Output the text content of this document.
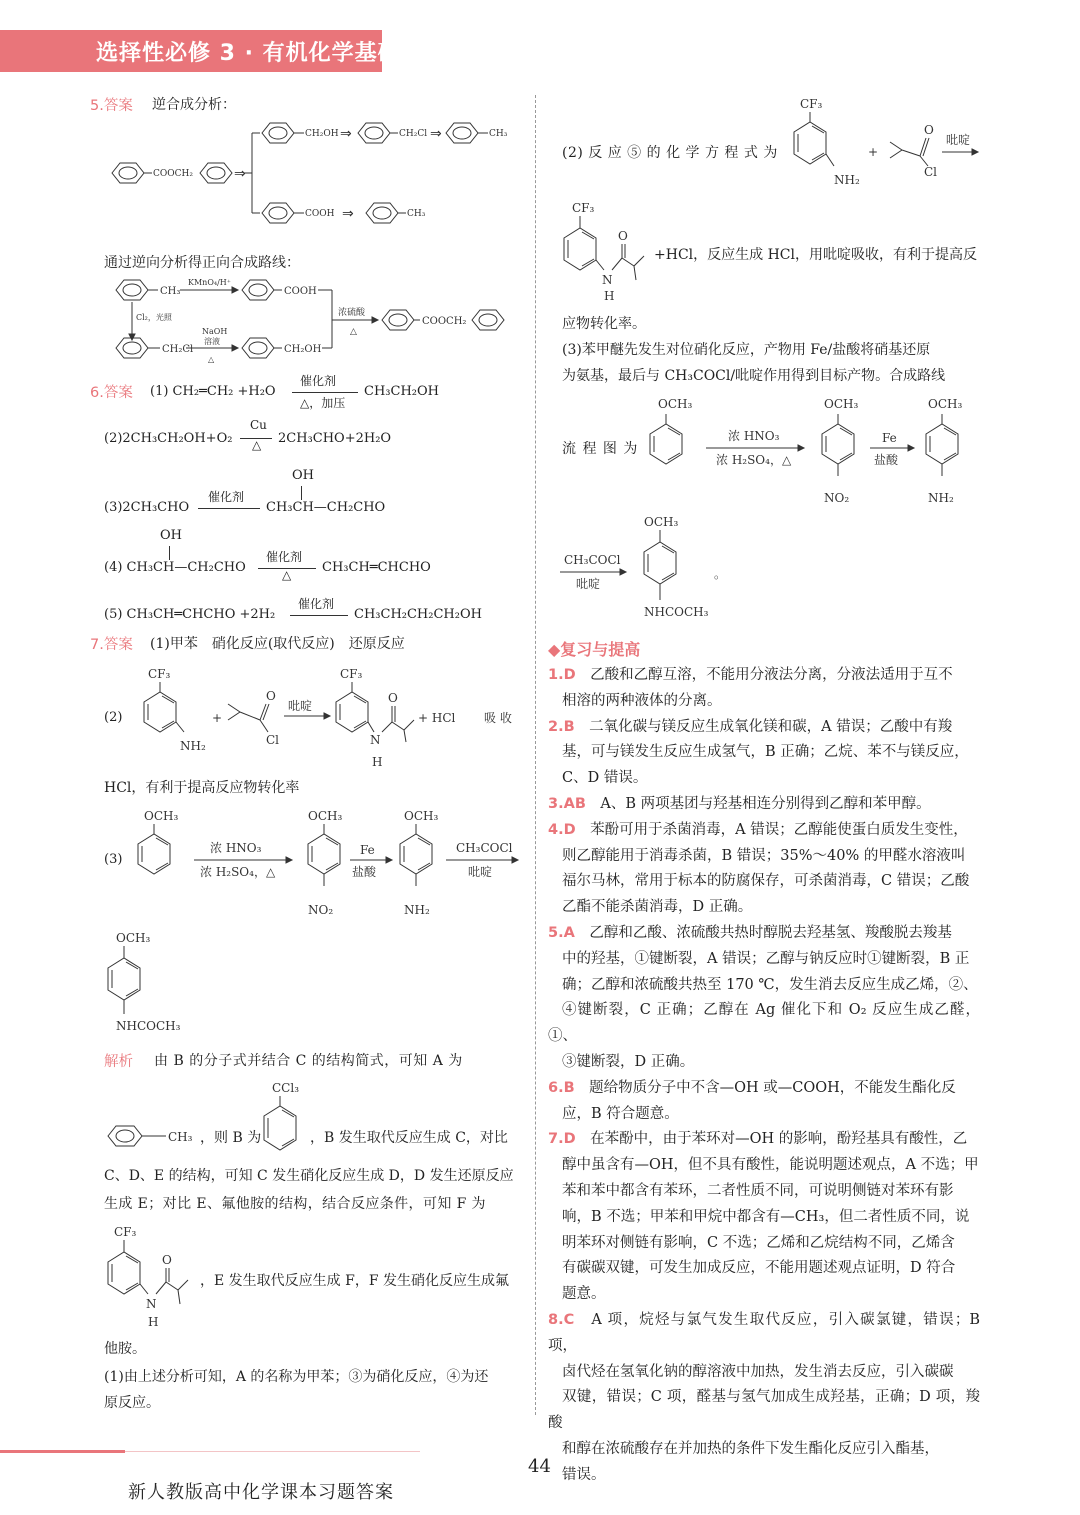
选择性必修 3 · 有机化学基础
5.答案 逆合成分析：
COOCH₂
CH₂OH	CH₂Cl	CH₃
COOH	CH₃
⇒
⇒	⇒
⇒
通过逆向分析得正向合成路线：
CH₃
KMnO₄/H⁺
COOH
Cl₂，光照
CH₂Cl
NaOH
溶液
△
CH₂OH
浓硫酸
△
COOCH₂
6.答案 (1) CH₂═CH₂ +H₂O
催化剂
△，加压
CH₃CH₂OH
(2)2CH₃CH₂OH+O₂
Cu
△ 2CH₃CHO+2H₂O
OH
(3)2CH₃CHO
催化剂
CH₃CH—CH₂CHO
OH
(4) CH₃CH—CH₂CHO
催化剂
△ CH₃CH═CHCHO
(5) CH₃CH═CHCHO +2H₂
催化剂
CH₃CH₂CH₂CH₂OH
7.答案 (1)甲苯　硝化反应(取代反应)　还原反应
(2)
CF₃
NH₂
+
O
Cl
吡啶
CF₃
O
N
H
+ HCl 吸 收
HCl，有利于提高反应物转化率
(3)
OCH₃
浓 HNO₃
浓 H₂SO₄，△
OCH₃
NO₂
Fe
盐酸
OCH₃
NH₂
CH₃COCl
吡啶
OCH₃
NHCOCH₃
解析 由 B 的分子式并结合 C 的结构简式，可知 A 为
CH₃
CCl₃
，则 B 为	，B 发生取代反应生成 C，对比
C、D、E 的结构，可知 C 发生硝化反应生成 D，D 发生还原反应
生成 E；对比 E、氟他胺的结构，结合反应条件，可知 F 为
CF₃
O
N
H
，E 发生取代反应生成 F，F 发生硝化反应生成氟
他胺。
(1)由上述分析可知，A 的名称为甲苯；③为硝化反应，④为还
原反应。
(2) 反 应 ⑤ 的 化 学 方 程 式 为
CF₃
NH₂
+
O
Cl
吡啶
CF₃
O
N
H
+HCl，反应生成 HCl，用吡啶吸收，有利于提高反
应物转化率。
(3)苯甲醚先发生对位硝化反应，产物用 Fe/盐酸将硝基还原
为氨基，最后与 CH₃COCl/吡啶作用得到目标产物。合成路线
流 程 图 为
OCH₃
浓 HNO₃
浓 H₂SO₄，△
OCH₃
NO₂
Fe
盐酸
OCH₃
NH₂
CH₃COCl
吡啶
OCH₃
NHCOCH₃
。
◆复习与提高
1.D　 乙酸和乙醇互溶，不能用分液法分离，分液法适用于互不
相溶的两种液体的分离。
2.B　 二氧化碳与镁反应生成氧化镁和碳，A 错误；乙酸中有羧
基，可与镁发生反应生成氢气，B 正确；乙烷、苯不与镁反应，
C、D 错误。
3.AB　 A、B 两项基团与羟基相连分别得到乙醇和苯甲醇。
4.D　 苯酚可用于杀菌消毒，A 错误；乙醇能使蛋白质发生变性，
则乙醇能用于消毒杀菌，B 错误；35%～40% 的甲醛水溶液叫
福尔马林，常用于标本的防腐保存，可杀菌消毒，C 错误；乙酸
乙酯不能杀菌消毒，D 正确。
5.A　 乙醇和乙酸、浓硫酸共热时醇脱去羟基氢、羧酸脱去羧基
中的羟基，①键断裂，A 错误；乙醇与钠反应时①键断裂，B 正
确；乙醇和浓硫酸共热至 170 ℃，发生消去反应生成乙烯，②、
④键断裂，C 正确；乙醇在 Ag 催化下和 O₂ 反应生成乙醛，①、
③键断裂，D 正确。
6.B　 题给物质分子中不含—OH 或—COOH，不能发生酯化反
应，B 符合题意。
7.D　 在苯酚中，由于苯环对—OH 的影响，酚羟基具有酸性，乙
醇中虽含有—OH，但不具有酸性，能说明题述观点，A 不选；甲
苯和苯中都含有苯环，二者性质不同，可说明侧链对苯环有影
响，B 不选；甲苯和甲烷中都含有—CH₃，但二者性质不同，说
明苯环对侧链有影响，C 不选；乙烯和乙烷结构不同，乙烯含
有碳碳双键，可发生加成反应，不能用题述观点证明，D 符合
题意。
8.C　 A 项，烷烃与氯气发生取代反应，引入碳氯键，错误；B 项，
卤代烃在氢氧化钠的醇溶液中加热，发生消去反应，引入碳碳
双键，错误；C 项，醛基与氢气加成生成羟基，正确；D 项，羧酸
和醇在浓硫酸存在并加热的条件下发生酯化反应引入酯基，
错误。
44
新人教版高中化学课本习题答案
